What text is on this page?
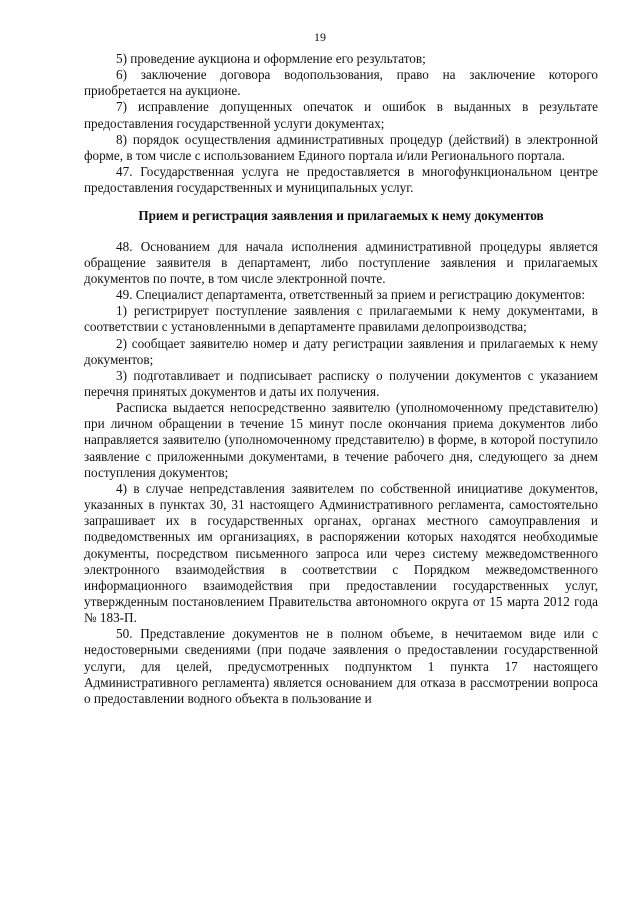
19

5) проведение аукциона и оформление его результатов;

6) заключение договора водопользования, право на заключение которого приобретается на аукционе.

7) исправление допущенных опечаток и ошибок в выданных в результате предоставления государственной услуги документах;

8) порядок осуществления административных процедур (действий) в электронной форме, в том числе с использованием Единого портала и/или Регионального портала.

47. Государственная услуга не предоставляется в многофункциональном центре предоставления государственных и муниципальных услуг.

Прием и регистрация заявления и прилагаемых к нему документов

48. Основанием для начала исполнения административной процедуры является обращение заявителя в департамент, либо поступление заявления и прилагаемых документов по почте, в том числе электронной почте.

49. Специалист департамента, ответственный за прием и регистрацию документов:

1) регистрирует поступление заявления с прилагаемыми к нему документами, в соответствии с установленными в департаменте правилами делопроизводства;

2) сообщает заявителю номер и дату регистрации заявления и прилагаемых к нему документов;

3) подготавливает и подписывает расписку о получении документов с указанием перечня принятых документов и даты их получения.

Расписка выдается непосредственно заявителю (уполномоченному представителю) при личном обращении в течение 15 минут после окончания приема документов либо направляется заявителю (уполномоченному представителю) в форме, в которой поступило заявление с приложенными документами, в течение рабочего дня, следующего за днем поступления документов;

4) в случае непредставления заявителем по собственной инициативе документов, указанных в пунктах 30, 31 настоящего Административного регламента, самостоятельно запрашивает их в государственных органах, органах местного самоуправления и подведомственных им организациях, в распоряжении которых находятся необходимые документы, посредством письменного запроса или через систему межведомственного электронного взаимодействия в соответствии с Порядком межведомственного информационного взаимодействия при предоставлении государственных услуг, утвержденным постановлением Правительства автономного округа от 15 марта 2012 года № 183-П.

50. Представление документов не в полном объеме, в нечитаемом виде или с недостоверными сведениями (при подаче заявления о предоставлении государственной услуги, для целей, предусмотренных подпунктом 1 пункта 17 настоящего Административного регламента) является основанием для отказа в рассмотрении вопроса о предоставлении водного объекта в пользование и
